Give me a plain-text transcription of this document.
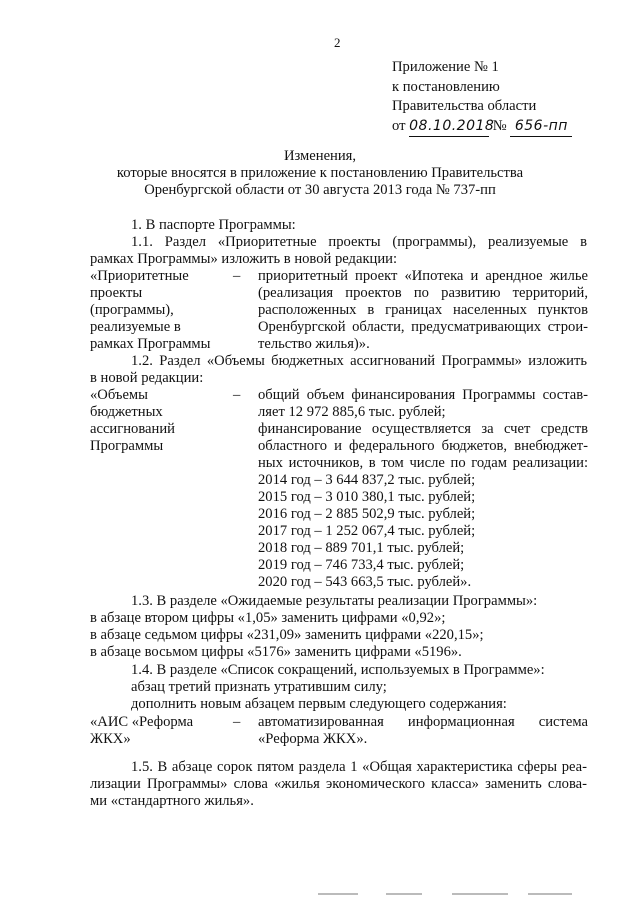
2
Приложение № 1
к постановлению
Правительства области
от 08.10.2018 № 656-пп
Изменения,
которые вносятся в приложение к постановлению Правительства
Оренбургской области от 30 августа 2013 года № 737-пп
1. В паспорте Программы:
1.1. Раздел «Приоритетные проекты (программы), реализуемые в
рамках Программы» изложить в новой редакции:
«Приоритетные
проекты
(программы),
реализуемые в
рамках Программы
– приоритетный проект «Ипотека и арендное жилье
(реализация проектов по развитию территорий,
расположенных в границах населенных пунктов
Оренбургской области, предусматривающих строи-
тельство жилья)».
1.2. Раздел «Объемы бюджетных ассигнований Программы» изложить
в новой редакции:
«Объемы
бюджетных
ассигнований
Программы
– общий объем финансирования Программы состав-
ляет 12 972 885,6 тыс. рублей;
финансирование осуществляется за счет средств
областного и федерального бюджетов, внебюджет-
ных источников, в том числе по годам реализации:
2014 год – 3 644 837,2 тыс. рублей;
2015 год – 3 010 380,1 тыс. рублей;
2016 год – 2 885 502,9 тыс. рублей;
2017 год – 1 252 067,4 тыс. рублей;
2018 год – 889 701,1 тыс. рублей;
2019 год – 746 733,4 тыс. рублей;
2020 год – 543 663,5 тыс. рублей».
1.3. В разделе «Ожидаемые результаты реализации Программы»:
в абзаце втором цифры «1,05» заменить цифрами «0,92»;
в абзаце седьмом цифры «231,09» заменить цифрами «220,15»;
в абзаце восьмом цифры «5176» заменить цифрами «5196».
1.4. В разделе «Список сокращений, используемых в Программе»:
абзац третий признать утратившим силу;
дополнить новым абзацем первым следующего содержания:
«АИС «Реформа
ЖКХ»
– автоматизированная информационная система
«Реформа ЖКХ».
1.5. В абзаце сорок пятом раздела 1 «Общая характеристика сферы реа-
лизации Программы» слова «жилья экономического класса» заменить слова-
ми «стандартного жилья».
